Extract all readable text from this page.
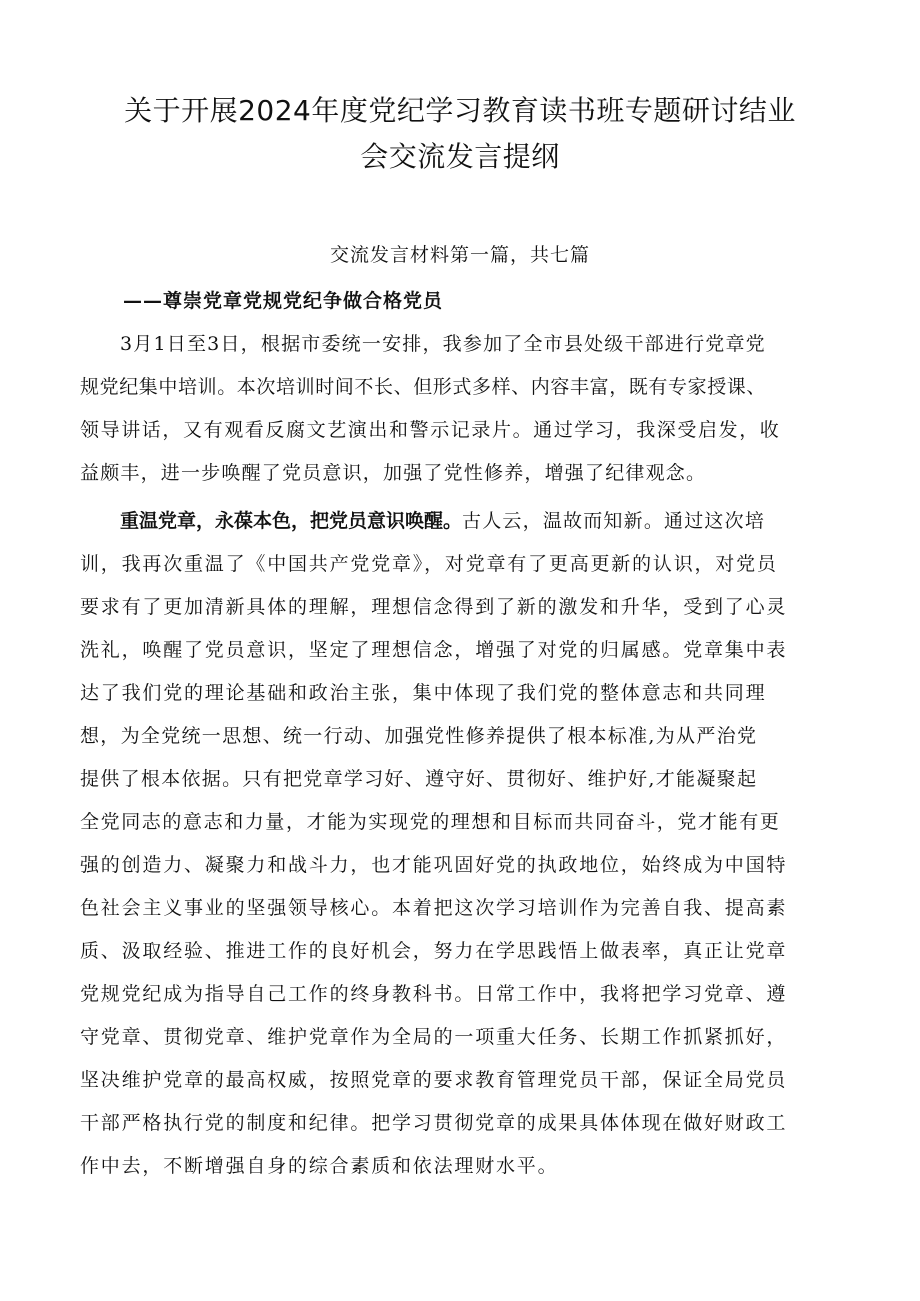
关于开展2024年度党纪学习教育读书班专题研讨结业
会交流发言提纲

交流发言材料第一篇，共七篇

——尊崇党章党规党纪争做合格党员

3月1日至3日，根据市委统一安排，我参加了全市县处级干部进行党章党

规党纪集中培训。本次培训时间不长、但形式多样、内容丰富，既有专家授课、

领导讲话，又有观看反腐文艺演出和警示记录片。通过学习，我深受启发，收

益颇丰，进一步唤醒了党员意识，加强了党性修养，增强了纪律观念。

重温党章，永葆本色，把党员意识唤醒。古人云，温故而知新。通过这次培

训，我再次重温了《中国共产党党章》，对党章有了更高更新的认识，对党员

要求有了更加清新具体的理解，理想信念得到了新的激发和升华，受到了心灵

洗礼，唤醒了党员意识，坚定了理想信念，增强了对党的归属感。党章集中表

达了我们党的理论基础和政治主张，集中体现了我们党的整体意志和共同理

想，为全党统一思想、统一行动、加强党性修养提供了根本标准,为从严治党

提供了根本依据。只有把党章学习好、遵守好、贯彻好、维护好,才能凝聚起

全党同志的意志和力量，才能为实现党的理想和目标而共同奋斗，党才能有更

强的创造力、凝聚力和战斗力，也才能巩固好党的执政地位，始终成为中国特

色社会主义事业的坚强领导核心。本着把这次学习培训作为完善自我、提高素

质、汲取经验、推进工作的良好机会，努力在学思践悟上做表率，真正让党章

党规党纪成为指导自己工作的终身教科书。日常工作中，我将把学习党章、遵

守党章、贯彻党章、维护党章作为全局的一项重大任务、长期工作抓紧抓好，

坚决维护党章的最高权威，按照党章的要求教育管理党员干部，保证全局党员

干部严格执行党的制度和纪律。把学习贯彻党章的成果具体体现在做好财政工

作中去，不断增强自身的综合素质和依法理财水平。
